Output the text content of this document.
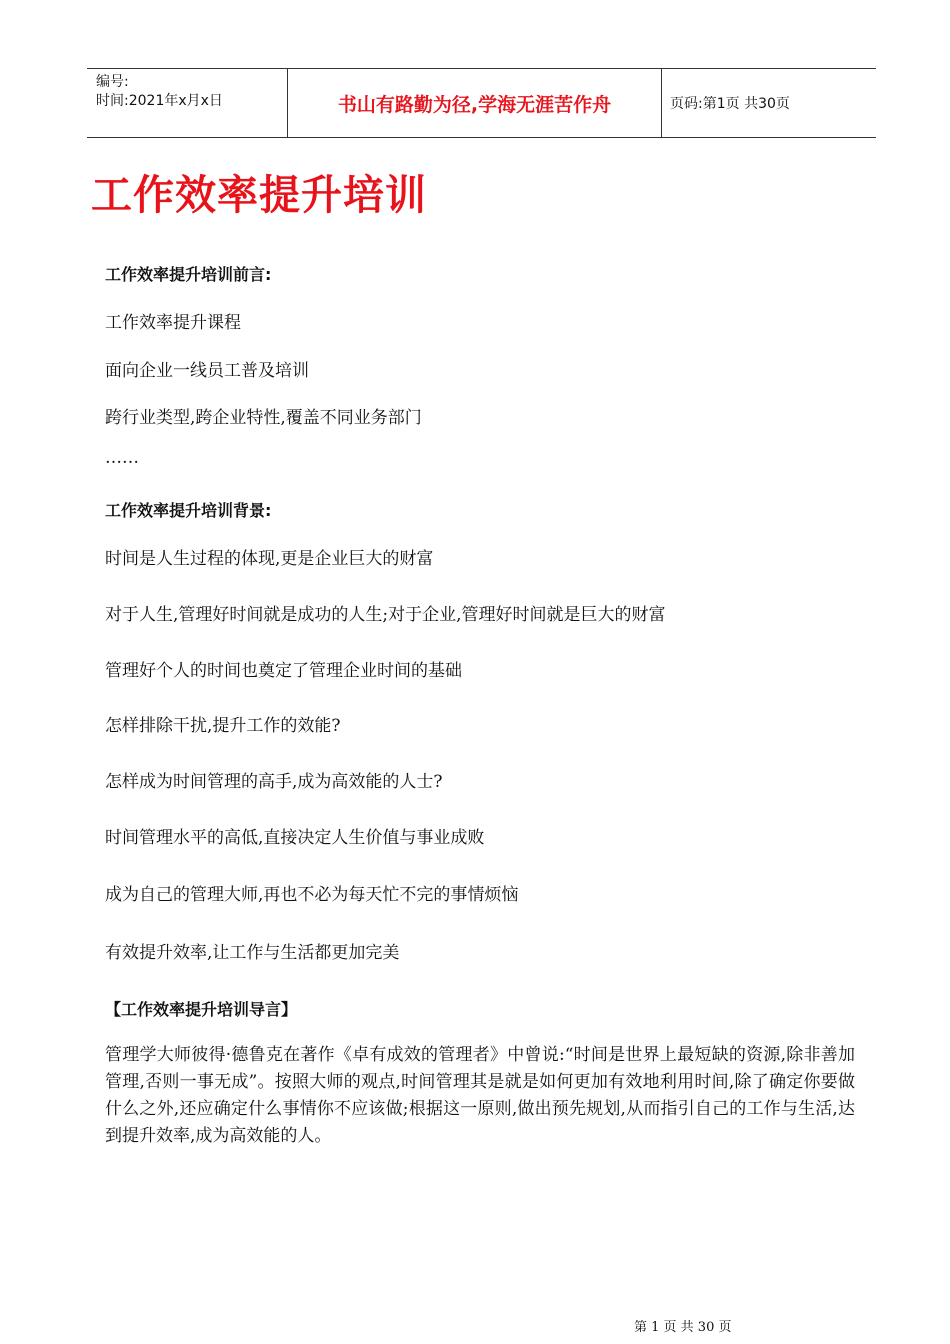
编号:
时间:2021年x月x日	书山有路勤为径,学海无涯苦作舟	页码:第1页 共30页
工作效率提升培训
工作效率提升培训前言:
工作效率提升课程
面向企业一线员工普及培训
跨行业类型,跨企业特性,覆盖不同业务部门
……
工作效率提升培训背景:
时间是人生过程的体现,更是企业巨大的财富
对于人生,管理好时间就是成功的人生;对于企业,管理好时间就是巨大的财富
管理好个人的时间也奠定了管理企业时间的基础
怎样排除干扰,提升工作的效能?
怎样成为时间管理的高手,成为高效能的人士?
时间管理水平的高低,直接决定人生价值与事业成败
成为自己的管理大师,再也不必为每天忙不完的事情烦恼
有效提升效率,让工作与生活都更加完美
【工作效率提升培训导言】
管理学大师彼得·德鲁克在著作《卓有成效的管理者》中曾说:“时间是世界上最短缺的资源,除非善加管理,否则一事无成”。按照大师的观点,时间管理其是就是如何更加有效地利用时间,除了确定你要做什么之外,还应确定什么事情你不应该做;根据这一原则,做出预先规划,从而指引自己的工作与生活,达到提升效率,成为高效能的人。
第 1 页 共 30 页
